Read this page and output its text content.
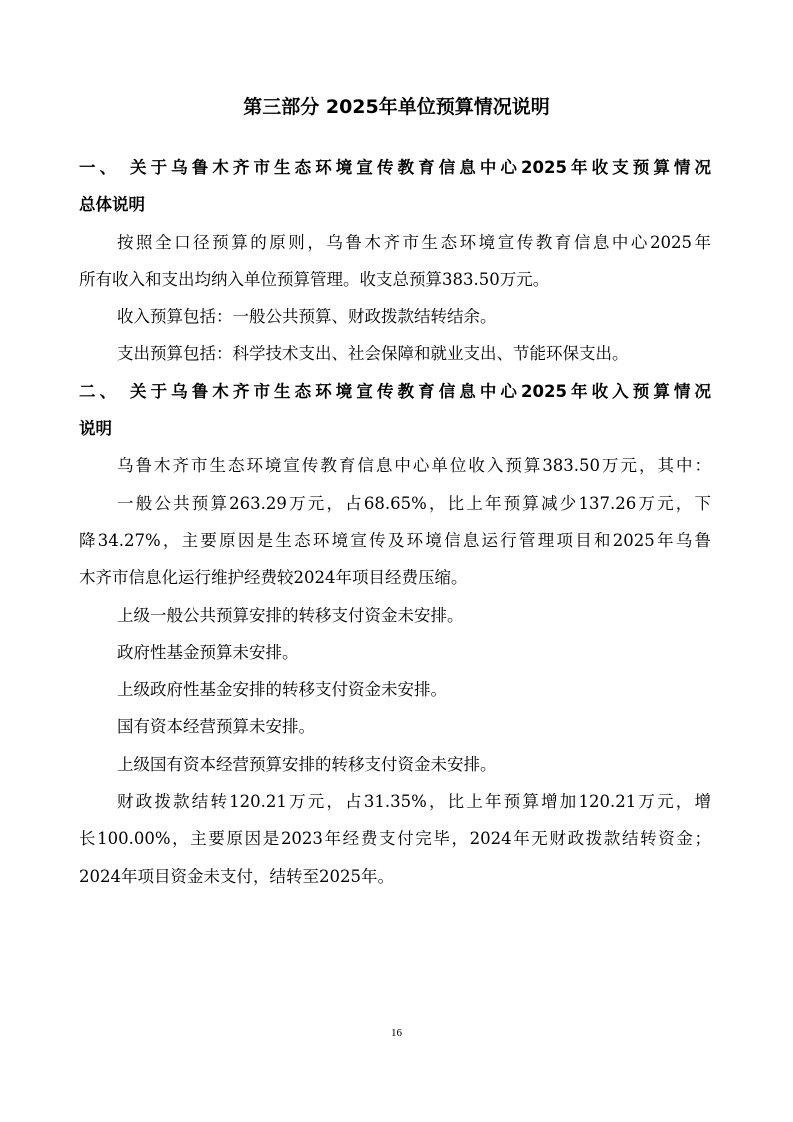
第三部分 2025年单位预算情况说明
一、 关于乌鲁木齐市生态环境宣传教育信息中心2025年收支预算情况
总体说明
按照全口径预算的原则，乌鲁木齐市生态环境宣传教育信息中心2025年
所有收入和支出均纳入单位预算管理。收支总预算383.50万元。
收入预算包括：一般公共预算、财政拨款结转结余。
支出预算包括：科学技术支出、社会保障和就业支出、节能环保支出。
二、 关于乌鲁木齐市生态环境宣传教育信息中心2025年收入预算情况
说明
乌鲁木齐市生态环境宣传教育信息中心单位收入预算383.50万元，其中：
一般公共预算263.29万元，占68.65%，比上年预算减少137.26万元，下
降34.27%，主要原因是生态环境宣传及环境信息运行管理项目和2025年乌鲁
木齐市信息化运行维护经费较2024年项目经费压缩。
上级一般公共预算安排的转移支付资金未安排。
政府性基金预算未安排。
上级政府性基金安排的转移支付资金未安排。
国有资本经营预算未安排。
上级国有资本经营预算安排的转移支付资金未安排。
财政拨款结转120.21万元，占31.35%，比上年预算增加120.21万元，增
长100.00%，主要原因是2023年经费支付完毕，2024年无财政拨款结转资金；
2024年项目资金未支付，结转至2025年。
16
